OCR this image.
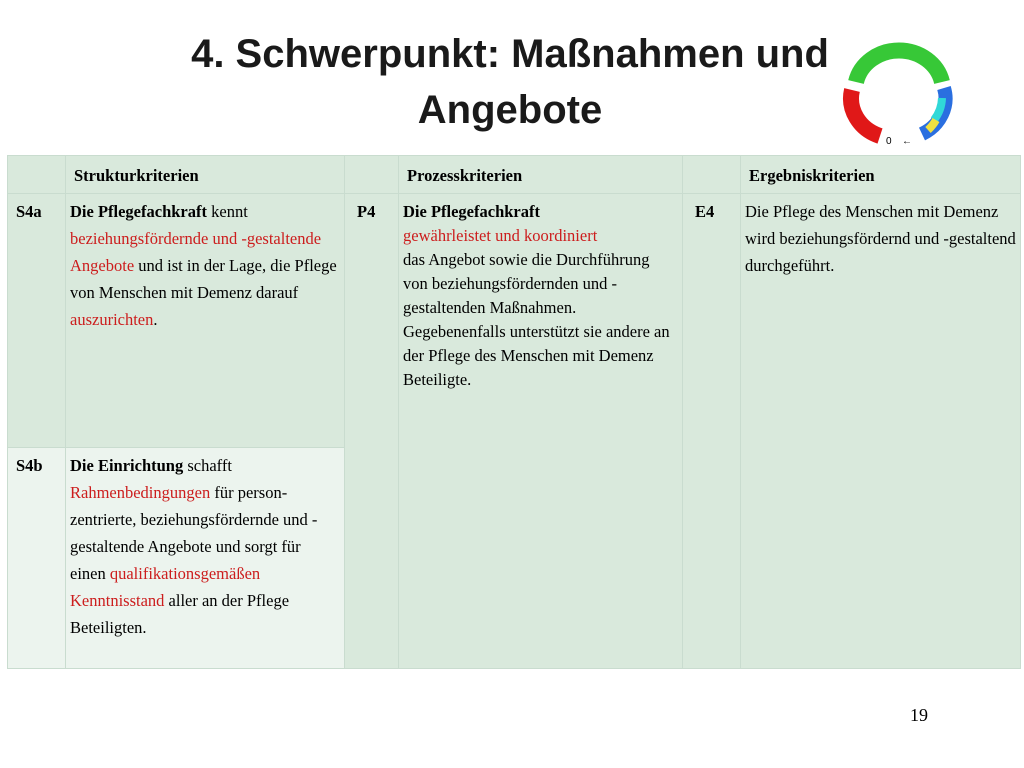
4. Schwerpunkt: Maßnahmen und Angebote
0 ←
	Strukturkriterien		Prozesskriterien		Ergebniskriterien
S4a	Die Pflegefachkraft kennt beziehungsfördernde und -gestaltende Angebote und ist in der Lage, die Pflege von Menschen mit Demenz darauf auszurichten.	P4	Die Pflegefachkraft
gewährleistet und koordiniert
das Angebot sowie die Durchführung von beziehungsfördernden und -gestaltenden Maßnahmen. Gegebenenfalls unterstützt sie andere an der Pflege des Menschen mit Demenz Beteiligte.	E4	Die Pflege des Menschen mit Demenz wird beziehungsfördernd und -gestaltend durchgeführt.
S4b	Die Einrichtung schafft Rahmenbedingungen für person-zentrierte, beziehungsfördernde und -gestaltende Angebote und sorgt für einen qualifikationsgemäßen Kenntnisstand aller an der Pflege Beteiligten.				
19
